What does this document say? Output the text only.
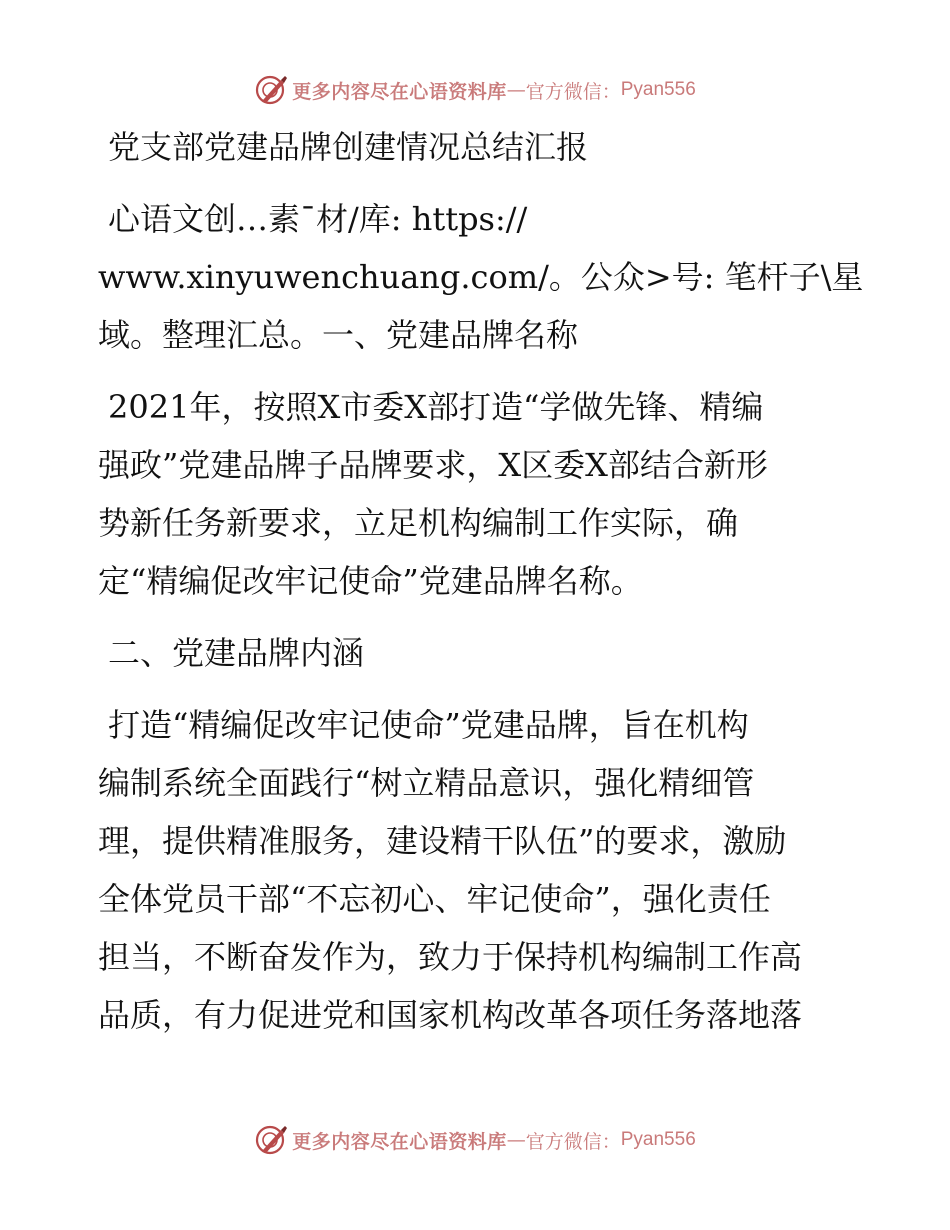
更多内容尽在心语资料库 — 官方微信： Pyan556
党支部党建品牌创建情况总结汇报
心语文创…素¯材/库: https://
www.xinyuwenchuang.com/。公众>号: 笔杆子\星
域。整理汇总。一、党建品牌名称
2021年，按照X市委X部打造“学做先锋、精编
强政”党建品牌子品牌要求，X区委X部结合新形
势新任务新要求，立足机构编制工作实际，确
定“精编促改牢记使命”党建品牌名称。
二、党建品牌内涵
打造“精编促改牢记使命”党建品牌，旨在机构
编制系统全面践行“树立精品意识，强化精细管
理，提供精准服务，建设精干队伍”的要求，激励
全体党员干部“不忘初心、牢记使命”，强化责任
担当，不断奋发作为，致力于保持机构编制工作高
品质，有力促进党和国家机构改革各项任务落地落
更多内容尽在心语资料库 — 官方微信： Pyan556
